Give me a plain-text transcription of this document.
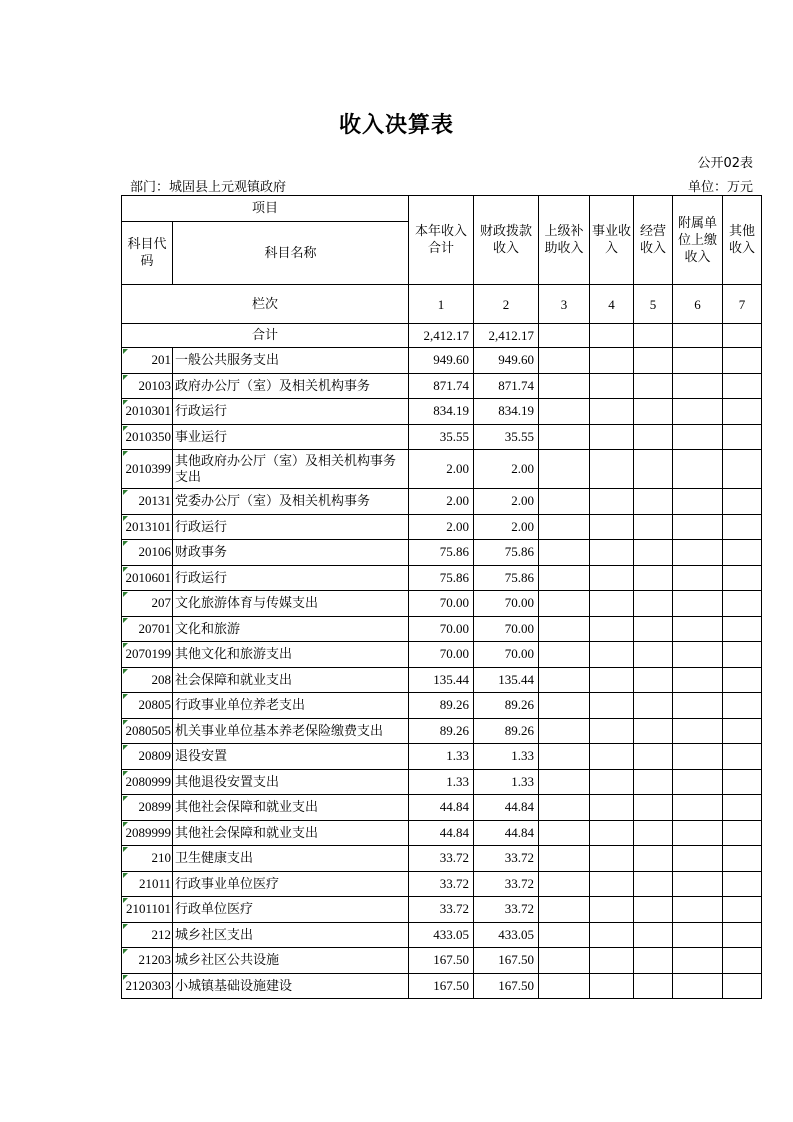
收入决算表
公开02表
部门：城固县上元观镇政府	单位：万元
项目		本年收入合计	财政拨款收入	上级补助收入	事业收入	经营收入	附属单位上缴收入	其他收入
科目代码	科目名称							
栏次		1	2	3	4	5	6	7
合计		2,412.17	2,412.17					
201	一般公共服务支出	949.60	949.60					
20103	政府办公厅（室）及相关机构事务	871.74	871.74					
2010301	行政运行	834.19	834.19					
2010350	事业运行	35.55	35.55					
2010399	其他政府办公厅（室）及相关机构事务支出	2.00	2.00					
20131	党委办公厅（室）及相关机构事务	2.00	2.00					
2013101	行政运行	2.00	2.00					
20106	财政事务	75.86	75.86					
2010601	行政运行	75.86	75.86					
207	文化旅游体育与传媒支出	70.00	70.00					
20701	文化和旅游	70.00	70.00					
2070199	其他文化和旅游支出	70.00	70.00					
208	社会保障和就业支出	135.44	135.44					
20805	行政事业单位养老支出	89.26	89.26					
2080505	机关事业单位基本养老保险缴费支出	89.26	89.26					
20809	退役安置	1.33	1.33					
2080999	其他退役安置支出	1.33	1.33					
20899	其他社会保障和就业支出	44.84	44.84					
2089999	其他社会保障和就业支出	44.84	44.84					
210	卫生健康支出	33.72	33.72					
21011	行政事业单位医疗	33.72	33.72					
2101101	行政单位医疗	33.72	33.72					
212	城乡社区支出	433.05	433.05					
21203	城乡社区公共设施	167.50	167.50					
2120303	小城镇基础设施建设	167.50	167.50					
